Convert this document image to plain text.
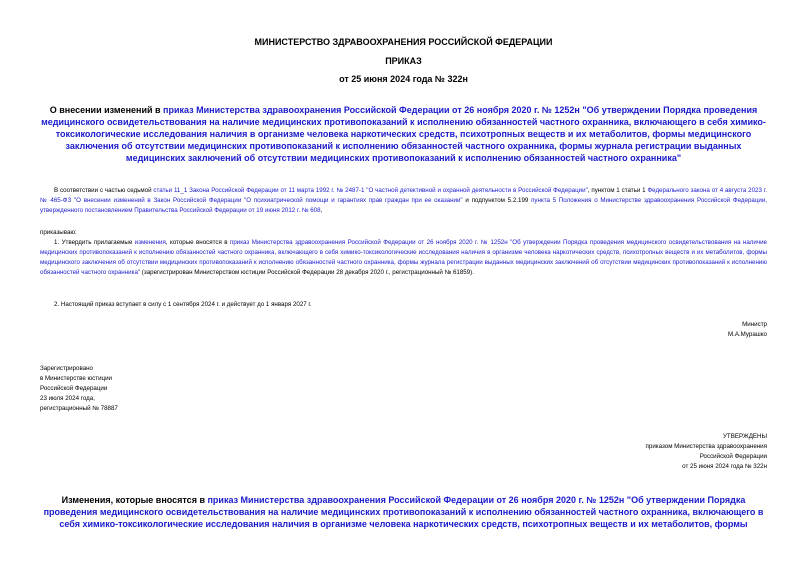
МИНИСТЕРСТВО ЗДРАВООХРАНЕНИЯ РОССИЙСКОЙ ФЕДЕРАЦИИ
ПРИКАЗ
от 25 июня 2024 года № 322н
О внесении изменений в приказ Министерства здравоохранения Российской Федерации от 26 ноября 2020 г. № 1252н "Об утверждении Порядка проведения медицинского освидетельствования на наличие медицинских противопоказаний к исполнению обязанностей частного охранника, включающего в себя химико-токсикологические исследования наличия в организме человека наркотических средств, психотропных веществ и их метаболитов, формы медицинского заключения об отсутствии медицинских противопоказаний к исполнению обязанностей частного охранника, формы журнала регистрации выданных медицинских заключений об отсутствии медицинских противопоказаний к исполнению обязанностей частного охранника"
В соответствии с частью седьмой статьи 11_1 Закона Российской Федерации от 11 марта 1992 г. № 2487-1 "О частной детективной и охранной деятельности в Российской Федерации", пунктом 1 статьи 1 Федерального закона от 4 августа 2023 г. № 465-ФЗ "О внесении изменений в Закон Российской Федерации "О психиатрической помощи и гарантиях прав граждан при ее оказании" и подпунктом 5.2.199 пункта 5 Положения о Министерстве здравоохранения Российской Федерации, утвержденного постановлением Правительства Российской Федерации от 19 июня 2012 г. № 608,
приказываю:
1. Утвердить прилагаемые изменения, которые вносятся в приказ Министерства здравоохранения Российской Федерации от 26 ноября 2020 г. № 1252н "Об утверждении Порядка проведения медицинского освидетельствования на наличие медицинских противопоказаний к исполнению обязанностей частного охранника, включающего в себя химико-токсикологические исследования наличия в организме человека наркотических средств, психотропных веществ и их метаболитов, формы медицинского заключения об отсутствии медицинских противопоказаний к исполнению обязанностей частного охранника, формы журнала регистрации выданных медицинских заключений об отсутствии медицинских противопоказаний к исполнению обязанностей частного охранника" (зарегистрирован Министерством юстиции Российской Федерации 28 декабря 2020 г., регистрационный № 61859).
2. Настоящий приказ вступает в силу с 1 сентября 2024 г. и действует до 1 января 2027 г.
Министр
М.А.Мурашко
Зарегистрировано
в Министерстве юстиции
Российской Федерации
23 июля 2024 года,
регистрационный № 78887
УТВЕРЖДЕНЫ
приказом Министерства здравоохранения
Российской Федерации
от 25 июня 2024 года № 322н
Изменения, которые вносятся в приказ Министерства здравоохранения Российской Федерации от 26 ноября 2020 г. № 1252н "Об утверждении Порядка проведения медицинского освидетельствования на наличие медицинских противопоказаний к исполнению обязанностей частного охранника, включающего в себя химико-токсикологические исследования наличия в организме человека наркотических средств, психотропных веществ и их метаболитов, формы
